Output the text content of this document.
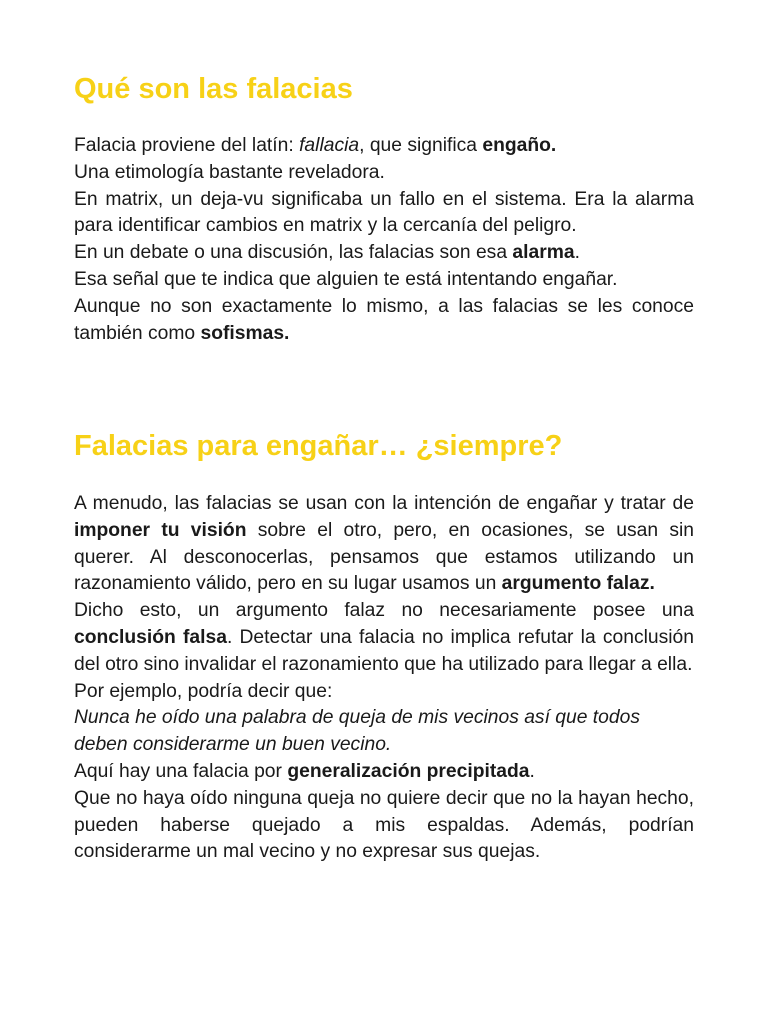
Qué son las falacias

Falacia proviene del latín: fallacia, que significa engaño.

Una etimología bastante reveladora.

En matrix, un deja-vu significaba un fallo en el sistema. Era la alarma para identificar cambios en matrix y la cercanía del peligro.

En un debate o una discusión, las falacias son esa alarma.

Esa señal que te indica que alguien te está intentando engañar.

Aunque no son exactamente lo mismo, a las falacias se les conoce también como sofismas.

Falacias para engañar… ¿siempre?

A menudo, las falacias se usan con la intención de engañar y tratar de imponer tu visión sobre el otro, pero, en ocasiones, se usan sin querer. Al desconocerlas, pensamos que estamos utilizando un razonamiento válido, pero en su lugar usamos un argumento falaz.

Dicho esto, un argumento falaz no necesariamente posee una conclusión falsa. Detectar una falacia no implica refutar la conclusión del otro sino invalidar el razonamiento que ha utilizado para llegar a ella.

Por ejemplo, podría decir que:

Nunca he oído una palabra de queja de mis vecinos así que todos deben considerarme un buen vecino.

Aquí hay una falacia por generalización precipitada.

Que no haya oído ninguna queja no quiere decir que no la hayan hecho, pueden haberse quejado a mis espaldas. Además, podrían considerarme un mal vecino y no expresar sus quejas.
